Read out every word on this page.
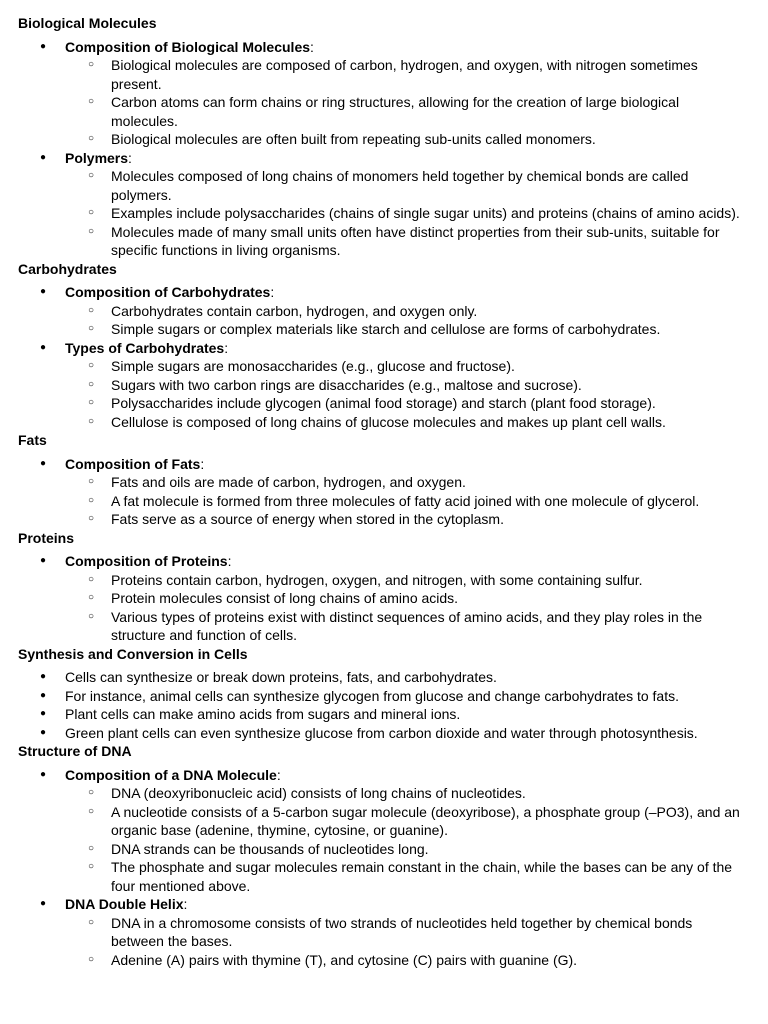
Biological Molecules
● Composition of Biological Molecules:
○ Biological molecules are composed of carbon, hydrogen, and oxygen, with nitrogen sometimes present.
○ Carbon atoms can form chains or ring structures, allowing for the creation of large biological molecules.
○ Biological molecules are often built from repeating sub-units called monomers.
● Polymers:
○ Molecules composed of long chains of monomers held together by chemical bonds are called polymers.
○ Examples include polysaccharides (chains of single sugar units) and proteins (chains of amino acids).
○ Molecules made of many small units often have distinct properties from their sub-units, suitable for specific functions in living organisms.
Carbohydrates
● Composition of Carbohydrates:
○ Carbohydrates contain carbon, hydrogen, and oxygen only.
○ Simple sugars or complex materials like starch and cellulose are forms of carbohydrates.
● Types of Carbohydrates:
○ Simple sugars are monosaccharides (e.g., glucose and fructose).
○ Sugars with two carbon rings are disaccharides (e.g., maltose and sucrose).
○ Polysaccharides include glycogen (animal food storage) and starch (plant food storage).
○ Cellulose is composed of long chains of glucose molecules and makes up plant cell walls.
Fats
● Composition of Fats:
○ Fats and oils are made of carbon, hydrogen, and oxygen.
○ A fat molecule is formed from three molecules of fatty acid joined with one molecule of glycerol.
○ Fats serve as a source of energy when stored in the cytoplasm.
Proteins
● Composition of Proteins:
○ Proteins contain carbon, hydrogen, oxygen, and nitrogen, with some containing sulfur.
○ Protein molecules consist of long chains of amino acids.
○ Various types of proteins exist with distinct sequences of amino acids, and they play roles in the structure and function of cells.
Synthesis and Conversion in Cells
● Cells can synthesize or break down proteins, fats, and carbohydrates.
● For instance, animal cells can synthesize glycogen from glucose and change carbohydrates to fats.
● Plant cells can make amino acids from sugars and mineral ions.
● Green plant cells can even synthesize glucose from carbon dioxide and water through photosynthesis.
Structure of DNA
● Composition of a DNA Molecule:
○ DNA (deoxyribonucleic acid) consists of long chains of nucleotides.
○ A nucleotide consists of a 5-carbon sugar molecule (deoxyribose), a phosphate group (–PO3), and an organic base (adenine, thymine, cytosine, or guanine).
○ DNA strands can be thousands of nucleotides long.
○ The phosphate and sugar molecules remain constant in the chain, while the bases can be any of the four mentioned above.
● DNA Double Helix:
○ DNA in a chromosome consists of two strands of nucleotides held together by chemical bonds between the bases.
○ Adenine (A) pairs with thymine (T), and cytosine (C) pairs with guanine (G).
